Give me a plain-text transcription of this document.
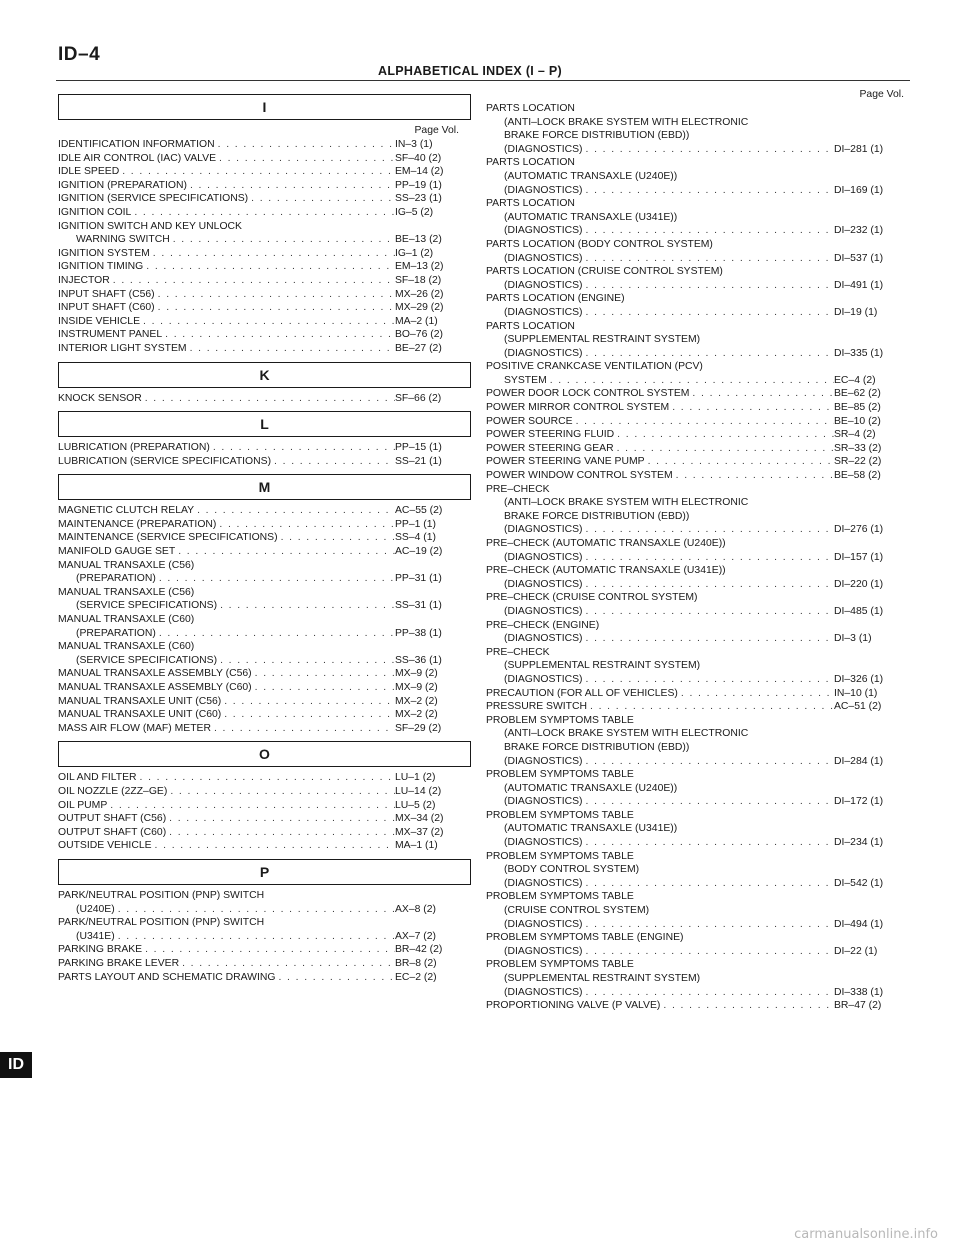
ID–4
ALPHABETICAL INDEX (I – P)
I
Page Vol.
IDENTIFICATION INFORMATION . . .	IN–3 (1)
IDLE AIR CONTROL (IAC) VALVE . . .	SF–40 (2)
IDLE SPEED . . .	EM–14 (2)
IGNITION (PREPARATION) . . .	PP–19 (1)
IGNITION (SERVICE SPECIFICATIONS) . . .	SS–23 (1)
IGNITION COIL . . .	IG–5 (2)
IGNITION SWITCH AND KEY UNLOCK
WARNING SWITCH . . .	BE–13 (2)
IGNITION SYSTEM . . .	IG–1 (2)
IGNITION TIMING . . .	EM–13 (2)
INJECTOR . . .	SF–18 (2)
INPUT SHAFT (C56) . . .	MX–26 (2)
INPUT SHAFT (C60) . . .	MX–29 (2)
INSIDE VEHICLE . . .	MA–2 (1)
INSTRUMENT PANEL . . .	BO–76 (2)
INTERIOR LIGHT SYSTEM . . .	BE–27 (2)
K
KNOCK SENSOR . . .	SF–66 (2)
L
LUBRICATION (PREPARATION) . . .	PP–15 (1)
LUBRICATION (SERVICE SPECIFICATIONS) . . .	SS–21 (1)
M
MAGNETIC CLUTCH RELAY . . .	AC–55 (2)
MAINTENANCE (PREPARATION) . . .	PP–1 (1)
MAINTENANCE (SERVICE SPECIFICATIONS) . . .	SS–4 (1)
MANIFOLD GAUGE SET . . .	AC–19 (2)
MANUAL TRANSAXLE (C56)
(PREPARATION) . . .	PP–31 (1)
MANUAL TRANSAXLE (C56)
(SERVICE SPECIFICATIONS) . . .	SS–31 (1)
MANUAL TRANSAXLE (C60)
(PREPARATION) . . .	PP–38 (1)
MANUAL TRANSAXLE (C60)
(SERVICE SPECIFICATIONS) . . .	SS–36 (1)
MANUAL TRANSAXLE ASSEMBLY (C56) . . .	MX–9 (2)
MANUAL TRANSAXLE ASSEMBLY (C60) . . .	MX–9 (2)
MANUAL TRANSAXLE UNIT (C56) . . .	MX–2 (2)
MANUAL TRANSAXLE UNIT (C60) . . .	MX–2 (2)
MASS AIR FLOW (MAF) METER . . .	SF–29 (2)
O
OIL AND FILTER . . .	LU–1 (2)
OIL NOZZLE (2ZZ–GE) . . .	LU–14 (2)
OIL PUMP . . .	LU–5 (2)
OUTPUT SHAFT (C56) . . .	MX–34 (2)
OUTPUT SHAFT (C60) . . .	MX–37 (2)
OUTSIDE VEHICLE . . .	MA–1 (1)
P
PARK/NEUTRAL POSITION (PNP) SWITCH
(U240E) . . .	AX–8 (2)
PARK/NEUTRAL POSITION (PNP) SWITCH
(U341E) . . .	AX–7 (2)
PARKING BRAKE . . .	BR–42 (2)
PARKING BRAKE LEVER . . .	BR–8 (2)
PARTS LAYOUT AND SCHEMATIC DRAWING . . .	EC–2 (2)
Page Vol.
PARTS LOCATION
(ANTI–LOCK BRAKE SYSTEM WITH ELECTRONIC
BRAKE FORCE DISTRIBUTION (EBD))
(DIAGNOSTICS) . . .	DI–281 (1)
PARTS LOCATION
(AUTOMATIC TRANSAXLE (U240E))
(DIAGNOSTICS) . . .	DI–169 (1)
PARTS LOCATION
(AUTOMATIC TRANSAXLE (U341E))
(DIAGNOSTICS) . . .	DI–232 (1)
PARTS LOCATION (BODY CONTROL SYSTEM)
(DIAGNOSTICS) . . .	DI–537 (1)
PARTS LOCATION (CRUISE CONTROL SYSTEM)
(DIAGNOSTICS) . . .	DI–491 (1)
PARTS LOCATION (ENGINE)
(DIAGNOSTICS) . . .	DI–19 (1)
PARTS LOCATION
(SUPPLEMENTAL RESTRAINT SYSTEM)
(DIAGNOSTICS) . . .	DI–335 (1)
POSITIVE CRANKCASE VENTILATION (PCV)
SYSTEM . . .	EC–4 (2)
POWER DOOR LOCK CONTROL SYSTEM . . .	BE–62 (2)
POWER MIRROR CONTROL SYSTEM . . .	BE–85 (2)
POWER SOURCE . . .	BE–10 (2)
POWER STEERING FLUID . . .	SR–4 (2)
POWER STEERING GEAR . . .	SR–33 (2)
POWER STEERING VANE PUMP . . .	SR–22 (2)
POWER WINDOW CONTROL SYSTEM . . .	BE–58 (2)
PRE–CHECK
(ANTI–LOCK BRAKE SYSTEM WITH ELECTRONIC
BRAKE FORCE DISTRIBUTION (EBD))
(DIAGNOSTICS) . . .	DI–276 (1)
PRE–CHECK (AUTOMATIC TRANSAXLE (U240E))
(DIAGNOSTICS) . . .	DI–157 (1)
PRE–CHECK (AUTOMATIC TRANSAXLE (U341E))
(DIAGNOSTICS) . . .	DI–220 (1)
PRE–CHECK (CRUISE CONTROL SYSTEM)
(DIAGNOSTICS) . . .	DI–485 (1)
PRE–CHECK (ENGINE)
(DIAGNOSTICS) . . .	DI–3 (1)
PRE–CHECK
(SUPPLEMENTAL RESTRAINT SYSTEM)
(DIAGNOSTICS) . . .	DI–326 (1)
PRECAUTION (FOR ALL OF VEHICLES) . . .	IN–10 (1)
PRESSURE SWITCH . . .	AC–51 (2)
PROBLEM SYMPTOMS TABLE
(ANTI–LOCK BRAKE SYSTEM WITH ELECTRONIC
BRAKE FORCE DISTRIBUTION (EBD))
(DIAGNOSTICS) . . .	DI–284 (1)
PROBLEM SYMPTOMS TABLE
(AUTOMATIC TRANSAXLE (U240E))
(DIAGNOSTICS) . . .	DI–172 (1)
PROBLEM SYMPTOMS TABLE
(AUTOMATIC TRANSAXLE (U341E))
(DIAGNOSTICS) . . .	DI–234 (1)
PROBLEM SYMPTOMS TABLE
(BODY CONTROL SYSTEM)
(DIAGNOSTICS) . . .	DI–542 (1)
PROBLEM SYMPTOMS TABLE
(CRUISE CONTROL SYSTEM)
(DIAGNOSTICS) . . .	DI–494 (1)
PROBLEM SYMPTOMS TABLE (ENGINE)
(DIAGNOSTICS) . . .	DI–22 (1)
PROBLEM SYMPTOMS TABLE
(SUPPLEMENTAL RESTRAINT SYSTEM)
(DIAGNOSTICS) . . .	DI–338 (1)
PROPORTIONING VALVE (P VALVE) . . .	BR–47 (2)
ID
carmanualsonline.info
